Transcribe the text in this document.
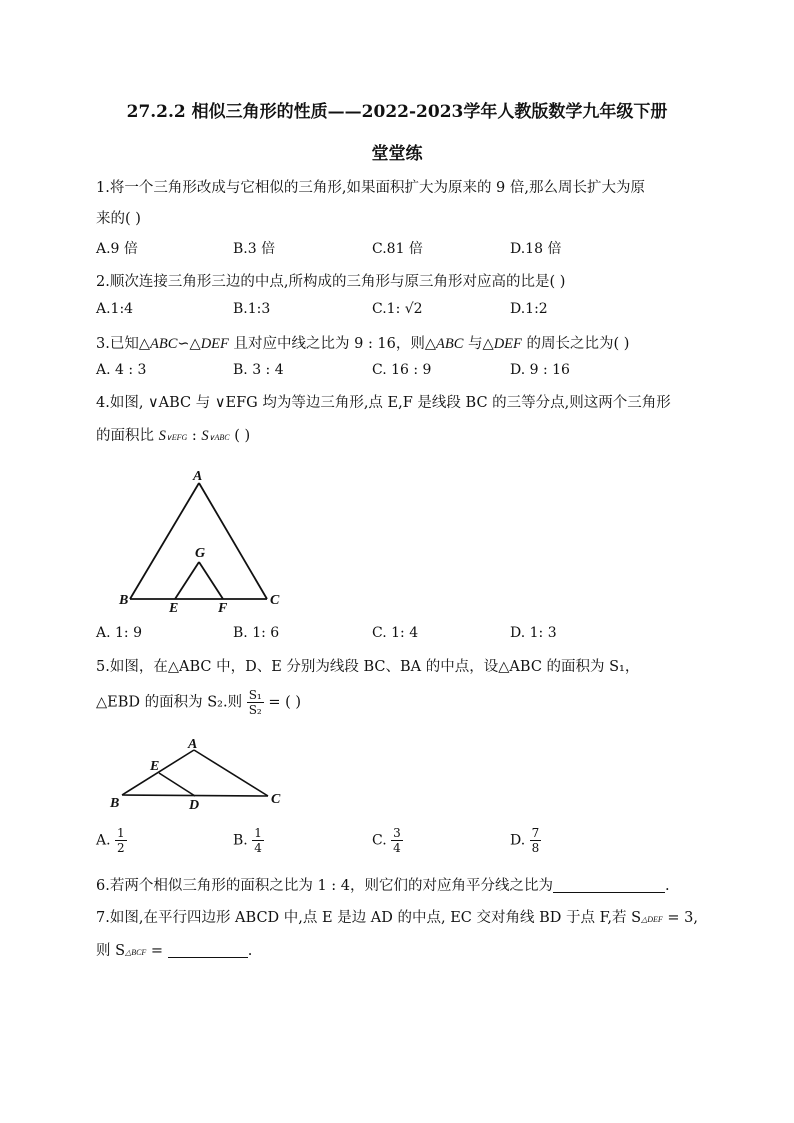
27.2.2 相似三角形的性质——2022-2023学年人教版数学九年级下册
堂堂练
1.将一个三角形改成与它相似的三角形,如果面积扩大为原来的 9 倍,那么周长扩大为原
来的( )
A.9 倍	B.3 倍	C.81 倍	D.18 倍
2.顺次连接三角形三边的中点,所构成的三角形与原三角形对应高的比是( )
A.1:4	B.1:3	C.1: √2	D.1:2
3.已知△ABC∽△DEF 且对应中线之比为 9 : 16，则△ABC 与△DEF 的周长之比为( )
A. 4 : 3	B. 3 : 4	C. 16 : 9	D. 9 : 16
4.如图, ∨ABC 与 ∨EFG 均为等边三角形,点 E,F 是线段 BC 的三等分点,则这两个三角形
的面积比 S∨EFG : S∨ABC ( )
A
B	C
G
E	F
A. 1: 9	B. 1: 6	C. 1: 4	D. 1: 3
5.如图，在△ABC 中，D、E 分别为线段 BC、BA 的中点，设△ABC 的面积为 S₁，
△EBD 的面积为 S₂.则 $\frac{\text{S₁}}{\text{S₂}}$ = ( )
A
E
B	D	C
A. $\frac{1}{2}$	B. $\frac{1}{4}$	C. $\frac{3}{4}$	D. $\frac{7}{8}$
6.若两个相似三角形的面积之比为 1 : 4，则它们的对应角平分线之比为	.
7.如图,在平行四边形 ABCD 中,点 E 是边 AD 的中点, EC 交对角线 BD 于点 F,若 S△DEF = 3,
则 S△BCF =	.
